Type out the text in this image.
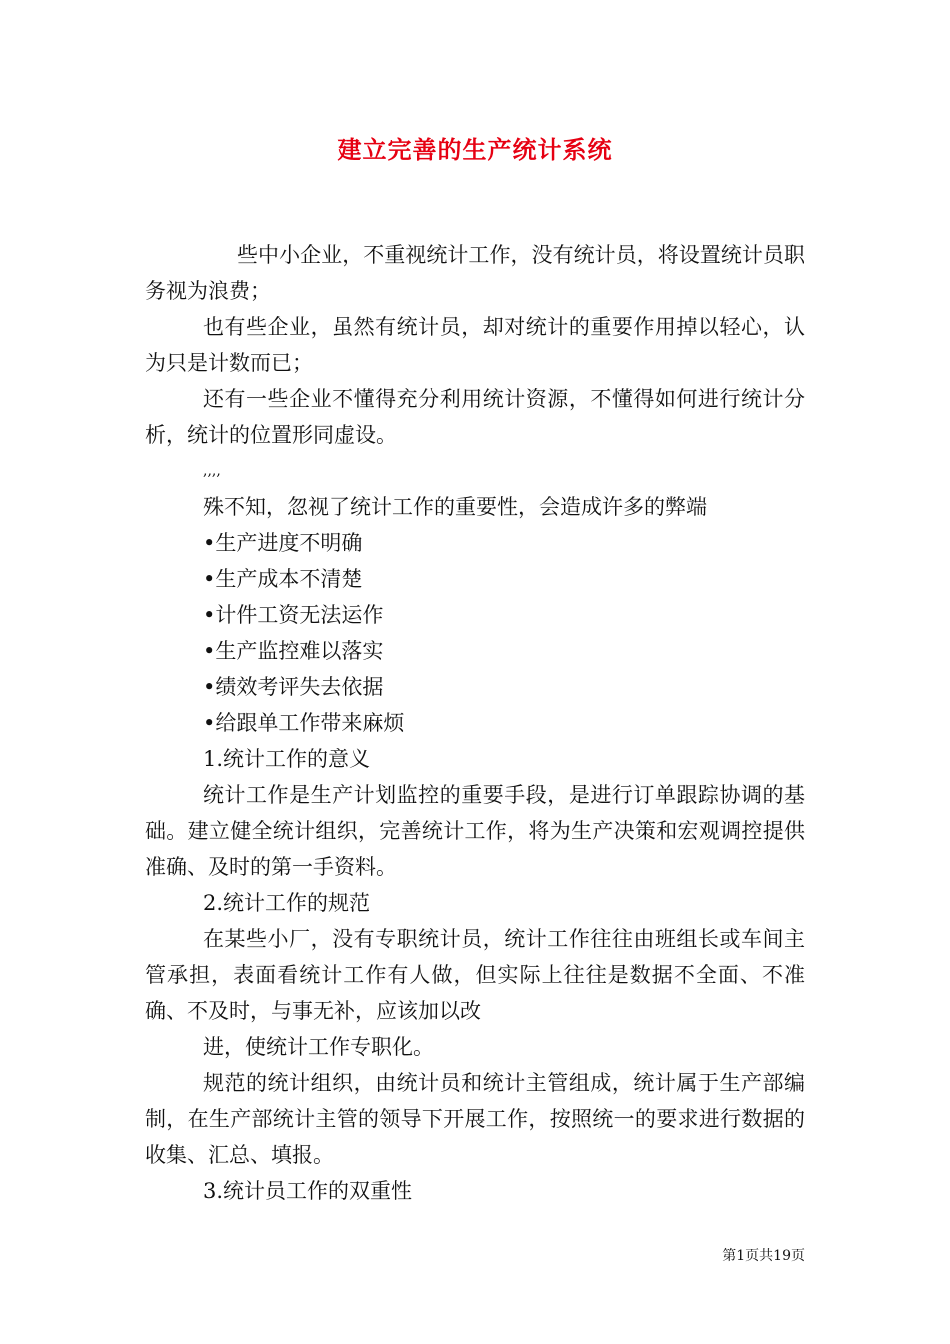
建立完善的生产统计系统

些中小企业，不重视统计工作，没有统计员，将设置统计员职务视为浪费；

也有些企业，虽然有统计员，却对统计的重要作用掉以轻心，认为只是计数而已；

还有一些企业不懂得充分利用统计资源，不懂得如何进行统计分析，统计的位置形同虚设。

,,,,

殊不知，忽视了统计工作的重要性，会造成许多的弊端

•生产进度不明确

•生产成本不清楚

•计件工资无法运作

•生产监控难以落实

•绩效考评失去依据

•给跟单工作带来麻烦

1.统计工作的意义

统计工作是生产计划监控的重要手段，是进行订单跟踪协调的基础。建立健全统计组织，完善统计工作，将为生产决策和宏观调控提供准确、及时的第一手资料。

2.统计工作的规范

在某些小厂，没有专职统计员，统计工作往往由班组长或车间主管承担，表面看统计工作有人做，但实际上往往是数据不全面、不准确、不及时，与事无补，应该加以改

进，使统计工作专职化。

规范的统计组织，由统计员和统计主管组成，统计属于生产部编制，在生产部统计主管的领导下开展工作，按照统一的要求进行数据的收集、汇总、填报。

3.统计员工作的双重性

第1页共19页
